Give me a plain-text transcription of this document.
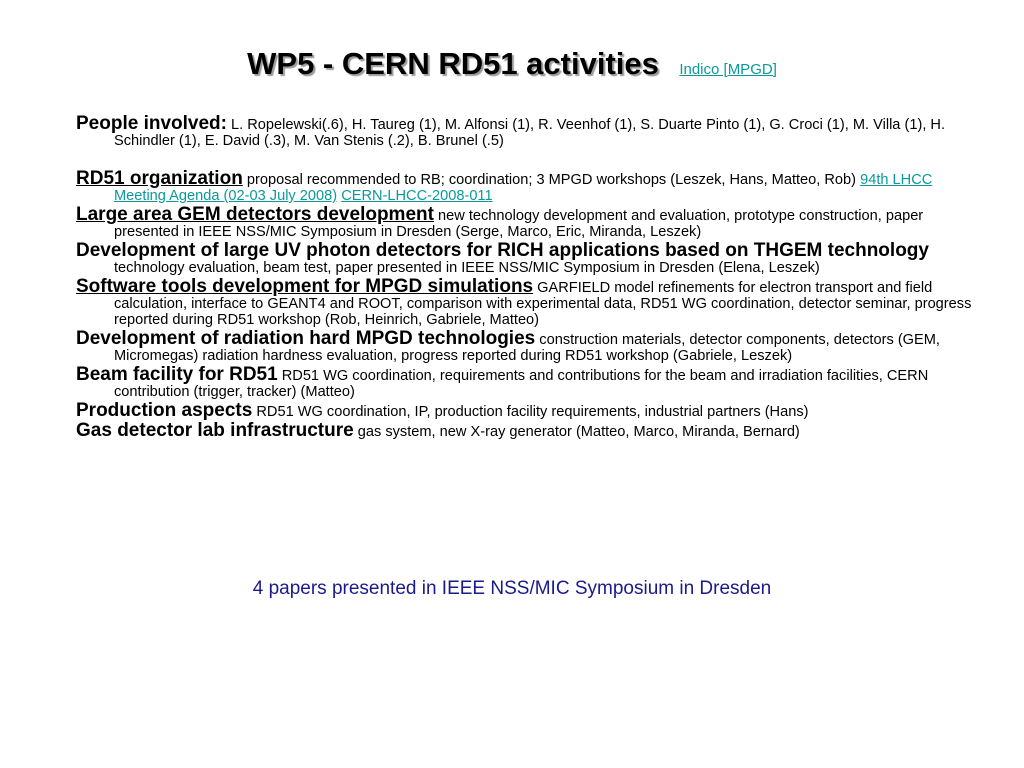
WP5 - CERN RD51 activities Indico [MPGD]
People involved: L. Ropelewski(.6), H. Taureg (1), M. Alfonsi (1), R. Veenhof (1), S. Duarte Pinto (1), G. Croci (1), M. Villa (1), H. Schindler (1), E. David (.3), M. Van Stenis (.2), B. Brunel (.5)
RD51 organization proposal recommended to RB; coordination; 3 MPGD workshops (Leszek, Hans, Matteo, Rob) 94th LHCC Meeting Agenda (02-03 July 2008) CERN-LHCC-2008-011
Large area GEM detectors development new technology development and evaluation, prototype construction, paper presented in IEEE NSS/MIC Symposium in Dresden (Serge, Marco, Eric, Miranda, Leszek)
Development of large UV photon detectors for RICH applications based on THGEM technology technology evaluation, beam test, paper presented in IEEE NSS/MIC Symposium in Dresden (Elena, Leszek)
Software tools development for MPGD simulations GARFIELD model refinements for electron transport and field calculation, interface to GEANT4 and ROOT, comparison with experimental data, RD51 WG coordination, detector seminar, progress reported during RD51 workshop (Rob, Heinrich, Gabriele, Matteo)
Development of radiation hard MPGD technologies construction materials, detector components, detectors (GEM, Micromegas) radiation hardness evaluation, progress reported during RD51 workshop (Gabriele, Leszek)
Beam facility for RD51 RD51 WG coordination, requirements and contributions for the beam and irradiation facilities, CERN contribution (trigger, tracker) (Matteo)
Production aspects RD51 WG coordination, IP, production facility requirements, industrial partners (Hans)
Gas detector lab infrastructure gas system, new X-ray generator (Matteo, Marco, Miranda, Bernard)
4 papers presented in IEEE NSS/MIC Symposium in Dresden
